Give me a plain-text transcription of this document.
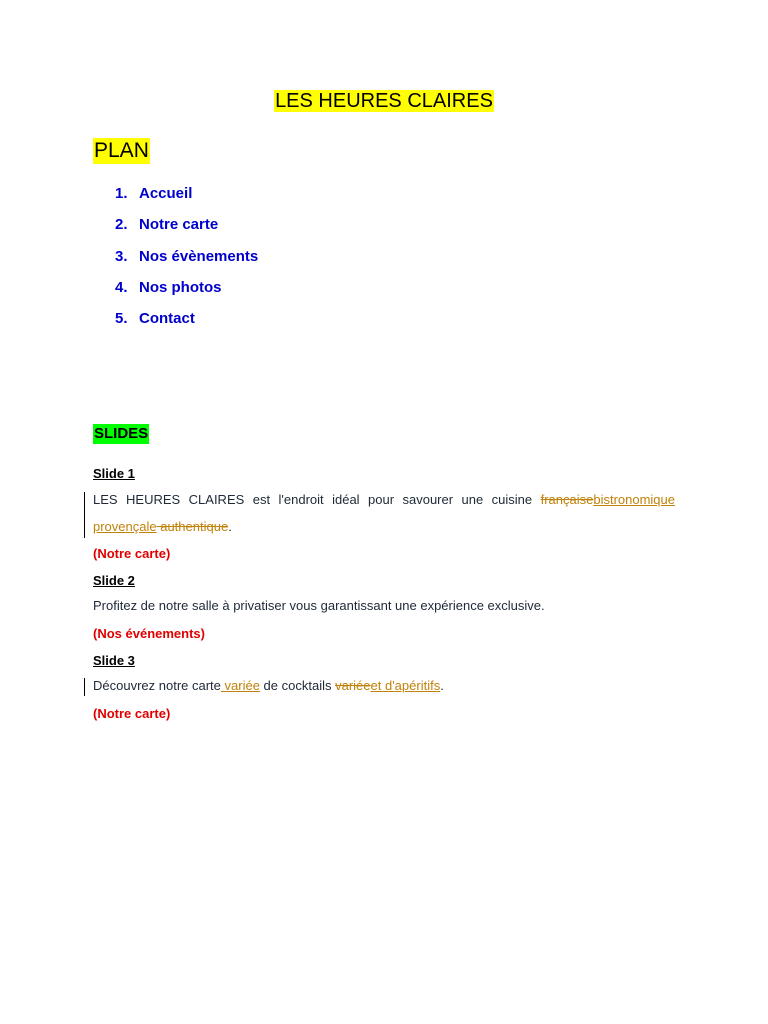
LES HEURES CLAIRES
PLAN
1. Accueil
2. Notre carte
3. Nos évènements
4. Nos photos
5. Contact
SLIDES
Slide 1
LES HEURES CLAIRES est l'endroit idéal pour savourer une cuisine françaisebistronomique provençale authentique.
(Notre carte)
Slide 2
Profitez de notre salle à privatiser vous garantissant une expérience exclusive.
(Nos événements)
Slide 3
Découvrez notre carte variée de cocktails variéeet d'apéritifs.
(Notre carte)
